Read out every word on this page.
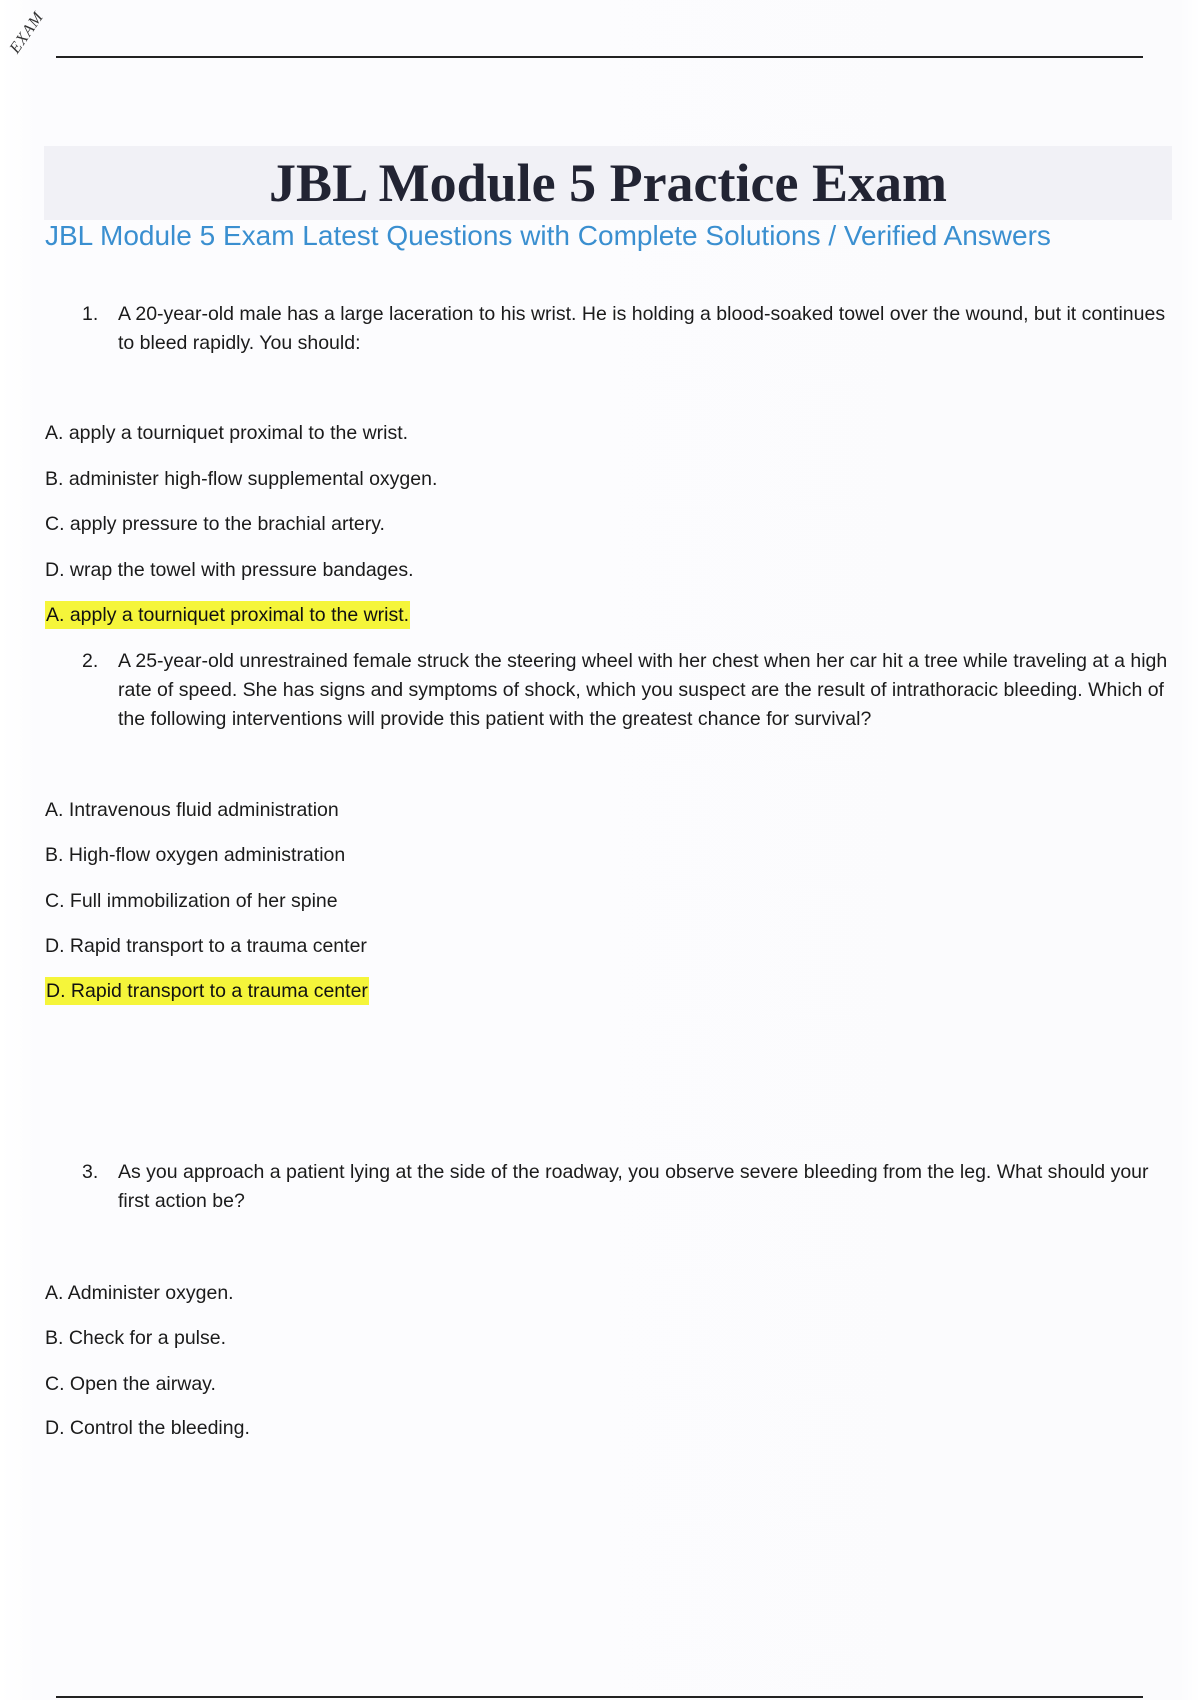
EXAM
JBL Module 5 Practice Exam
JBL Module 5 Exam Latest Questions with Complete Solutions / Verified Answers
1.	A 20-year-old male has a large laceration to his wrist. He is holding a blood-soaked towel over the wound, but it continues to bleed rapidly. You should:
A. apply a tourniquet proximal to the wrist.
B. administer high-flow supplemental oxygen.
C. apply pressure to the brachial artery.
D. wrap the towel with pressure bandages.
A. apply a tourniquet proximal to the wrist.
2.	A 25-year-old unrestrained female struck the steering wheel with her chest when her car hit a tree while traveling at a high rate of speed. She has signs and symptoms of shock, which you suspect are the result of intrathoracic bleeding. Which of the following interventions will provide this patient with the greatest chance for survival?
A. Intravenous fluid administration
B. High-flow oxygen administration
C. Full immobilization of her spine
D. Rapid transport to a trauma center
D. Rapid transport to a trauma center
3.	As you approach a patient lying at the side of the roadway, you observe severe bleeding from the leg. What should your first action be?
A. Administer oxygen.
B. Check for a pulse.
C. Open the airway.
D. Control the bleeding.
